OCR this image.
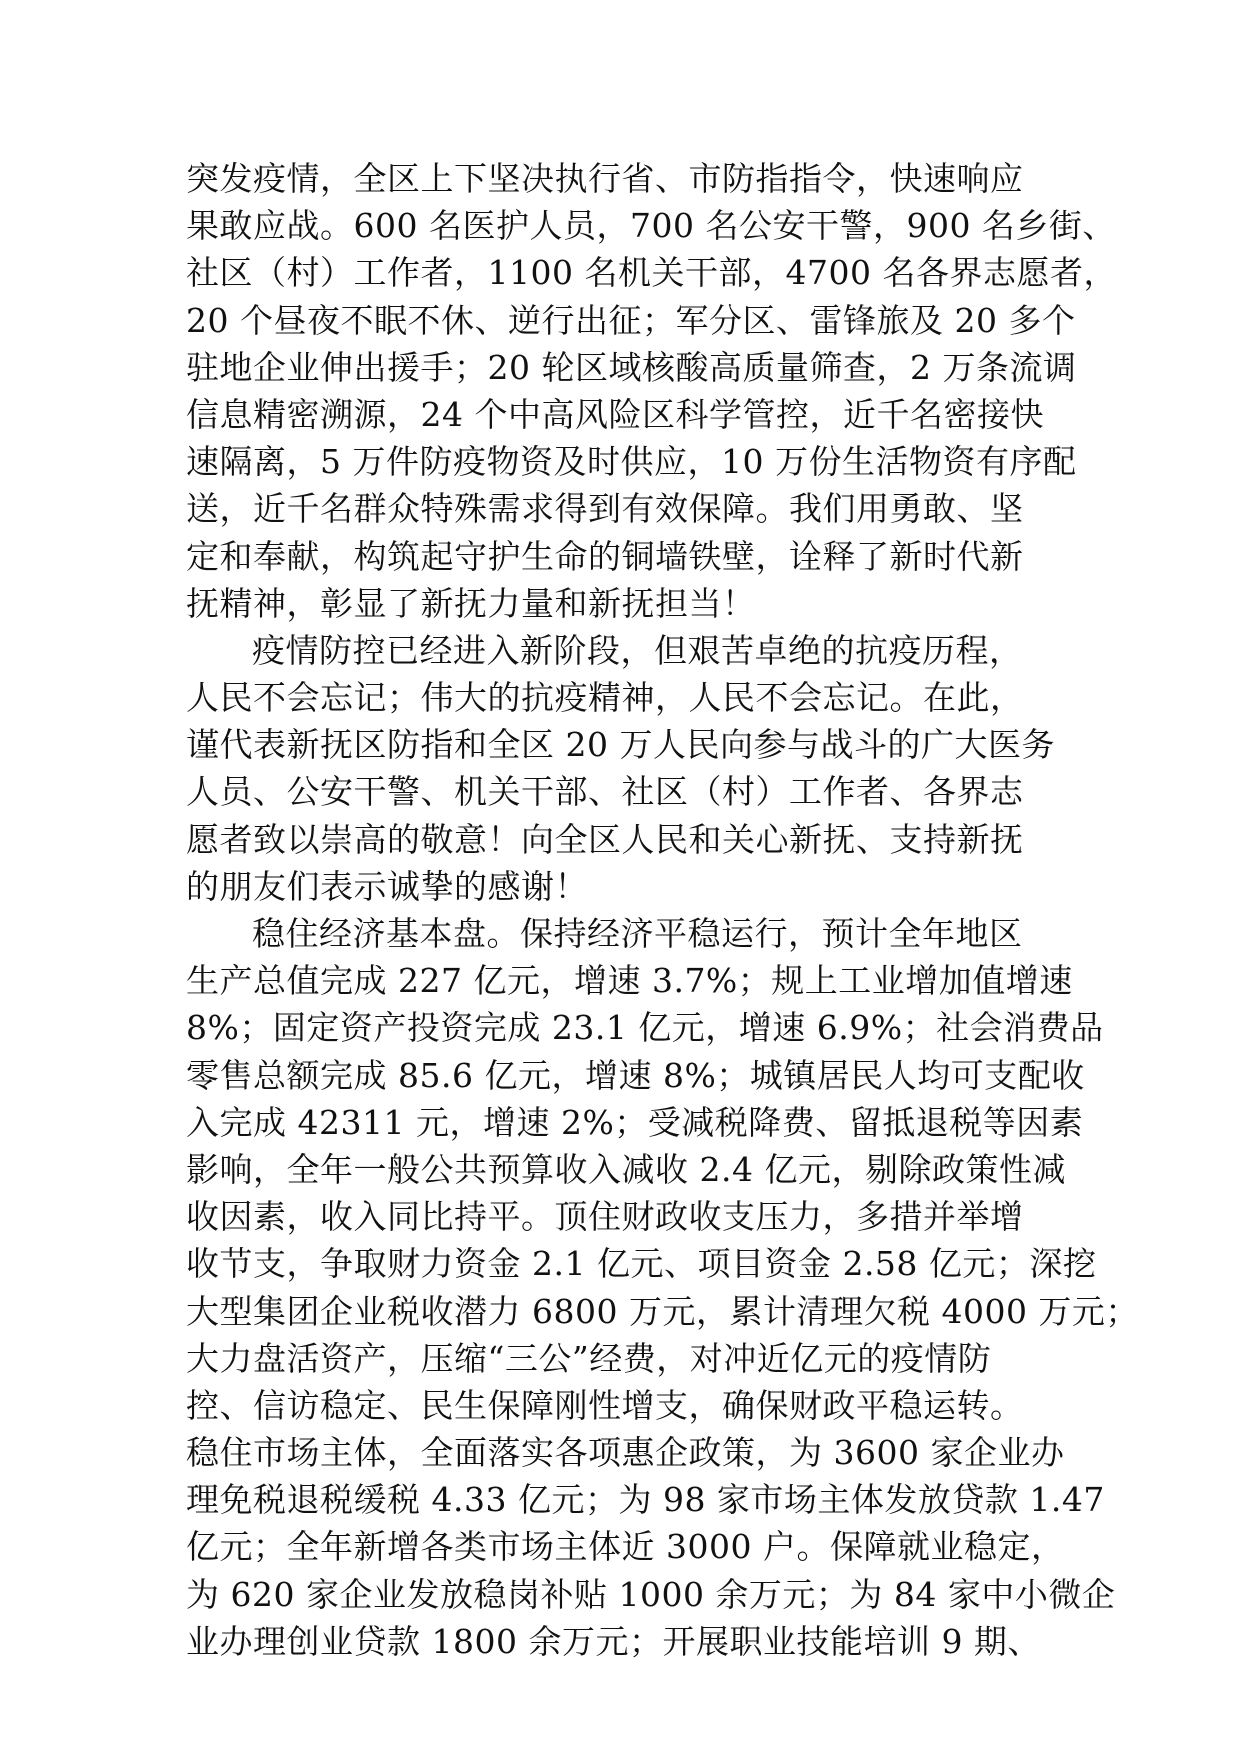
突发疫情，全区上下坚决执行省、市防指指令，快速响应
果敢应战。600 名医护人员，700 名公安干警，900 名乡街、
社区（村）工作者，1100 名机关干部，4700 名各界志愿者，
20 个昼夜不眠不休、逆行出征；军分区、雷锋旅及 20 多个
驻地企业伸出援手；20 轮区域核酸高质量筛查，2 万条流调
信息精密溯源，24 个中高风险区科学管控，近千名密接快
速隔离，5 万件防疫物资及时供应，10 万份生活物资有序配
送，近千名群众特殊需求得到有效保障。我们用勇敢、坚
定和奉献，构筑起守护生命的铜墙铁壁，诠释了新时代新
抚精神，彰显了新抚力量和新抚担当！
疫情防控已经进入新阶段，但艰苦卓绝的抗疫历程，
人民不会忘记；伟大的抗疫精神，人民不会忘记。在此，
谨代表新抚区防指和全区 20 万人民向参与战斗的广大医务
人员、公安干警、机关干部、社区（村）工作者、各界志
愿者致以崇高的敬意！向全区人民和关心新抚、支持新抚
的朋友们表示诚挚的感谢！
稳住经济基本盘。保持经济平稳运行，预计全年地区
生产总值完成 227 亿元，增速 3.7%；规上工业增加值增速
8%；固定资产投资完成 23.1 亿元，增速 6.9%；社会消费品
零售总额完成 85.6 亿元，增速 8%；城镇居民人均可支配收
入完成 42311 元，增速 2%；受减税降费、留抵退税等因素
影响，全年一般公共预算收入减收 2.4 亿元，剔除政策性减
收因素，收入同比持平。顶住财政收支压力，多措并举增
收节支，争取财力资金 2.1 亿元、项目资金 2.58 亿元；深挖
大型集团企业税收潜力 6800 万元，累计清理欠税 4000 万元；
大力盘活资产，压缩“三公”经费，对冲近亿元的疫情防
控、信访稳定、民生保障刚性增支，确保财政平稳运转。
稳住市场主体，全面落实各项惠企政策，为 3600 家企业办
理免税退税缓税 4.33 亿元；为 98 家市场主体发放贷款 1.47
亿元；全年新增各类市场主体近 3000 户。保障就业稳定，
为 620 家企业发放稳岗补贴 1000 余万元；为 84 家中小微企
业办理创业贷款 1800 余万元；开展职业技能培训 9 期、
